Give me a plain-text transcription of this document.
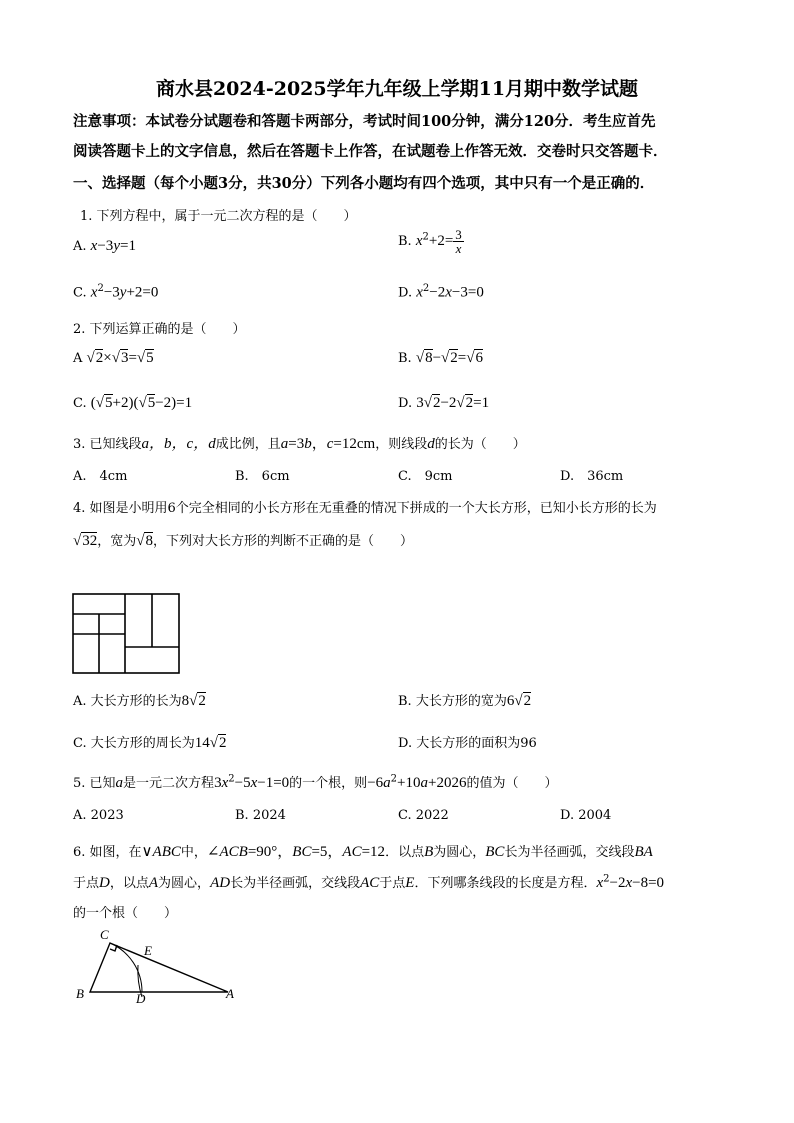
商水县2024-2025学年九年级上学期11月期中数学试题
注意事项：本试卷分试题卷和答题卡两部分，考试时间100分钟，满分120分．考生应首先
阅读答题卡上的文字信息，然后在答题卡上作答，在试题卷上作答无效．交卷时只交答题卡．
一、选择题（每个小题3分，共30分）下列各小题均有四个选项，其中只有一个是正确的．
1. 下列方程中，属于一元二次方程的是（　　）
A. x−3y=1	B. $x^2+2= \frac{3}{x}$
C. $x^2-3y+2=0$	D. $x^2-2x-3=0$
2. 下列运算正确的是（　　）
A √2×√3=√5	B. √8−√2=√6
C. (√5+2)(√5−2)=1	D. 3√2−2√2=1
3. 已知线段a，b，c，d成比例，且a=3b，c=12cm，则线段d的长为（　　）
A.　4cm	B.　6cm	C.　9cm	D.　36cm
4. 如图是小明用6个完全相同的小长方形在无重叠的情况下拼成的一个大长方形，已知小长方形的长为
√32，宽为√8，下列对大长方形的判断不正确的是（　　）
A. 大长方形的长为8√2	B. 大长方形的宽为6√2
C. 大长方形的周长为14√2	D. 大长方形的面积为96
5. 已知a是一元二次方程$3x^2-5x-1=0$的一个根，则$-6a^2+10a+2026$的值为（　　）
A. 2023	B. 2024	C. 2022	D. 2004
6. 如图，在∨ABC中，∠ACB=90°，BC=5，AC=12．以点B为圆心，BC长为半径画弧，交线段BA
于点D，以点A为圆心，AD长为半径画弧，交线段AC于点E．下列哪条线段的长度是方程．$x^2-2x-8=0$
的一个根（　　）
C
E
B	D	A
